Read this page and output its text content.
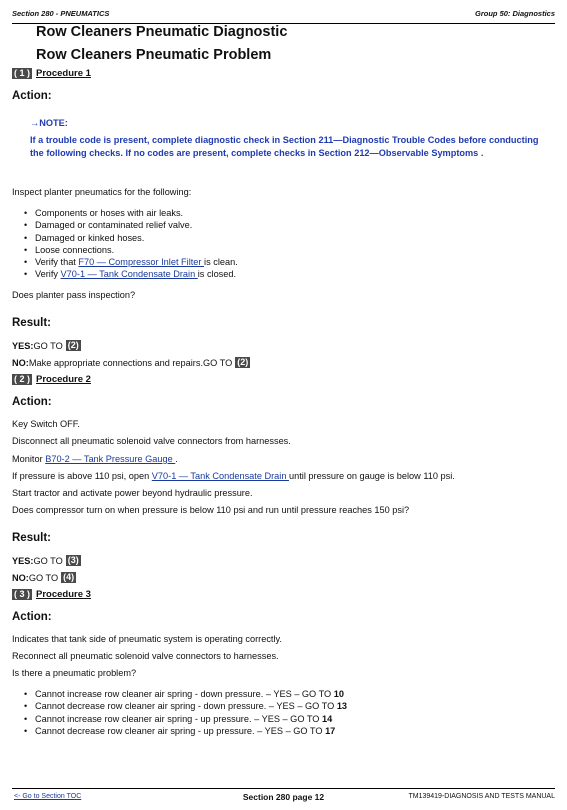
Section 280 - PNEUMATICS	Group 50: Diagnostics
Row Cleaners Pneumatic Diagnostic
Row Cleaners Pneumatic Problem
( 1 ) Procedure 1
Action:
→NOTE:
If a trouble code is present, complete diagnostic check in Section 211—Diagnostic Trouble Codes before conducting the following checks. If no codes are present, complete checks in Section 212—Observable Symptoms .
Inspect planter pneumatics for the following:
• Components or hoses with air leaks.
• Damaged or contaminated relief valve.
• Damaged or kinked hoses.
• Loose connections.
• Verify that F70 — Compressor Inlet Filter is clean.
• Verify V70-1 — Tank Condensate Drain is closed.
Does planter pass inspection?
Result:
YES: GO TO (2)
NO: Make appropriate connections and repairs.GO TO (2)
( 2 ) Procedure 2
Action:
Key Switch OFF.
Disconnect all pneumatic solenoid valve connectors from harnesses.
Monitor B70-2 — Tank Pressure Gauge .
If pressure is above 110 psi, open V70-1 — Tank Condensate Drain until pressure on gauge is below 110 psi.
Start tractor and activate power beyond hydraulic pressure.
Does compressor turn on when pressure is below 110 psi and run until pressure reaches 150 psi?
Result:
YES: GO TO (3)
NO: GO TO (4)
( 3 ) Procedure 3
Action:
Indicates that tank side of pneumatic system is operating correctly.
Reconnect all pneumatic solenoid valve connectors to harnesses.
Is there a pneumatic problem?
• Cannot increase row cleaner air spring - down pressure. – YES – GO TO 10
• Cannot decrease row cleaner air spring - down pressure. – YES – GO TO 13
• Cannot increase row cleaner air spring - up pressure. – YES – GO TO 14
• Cannot decrease row cleaner air spring - up pressure. – YES – GO TO 17
<- Go to Section TOC	Section 280 page 12	TM139419-DIAGNOSIS AND TESTS MANUAL
